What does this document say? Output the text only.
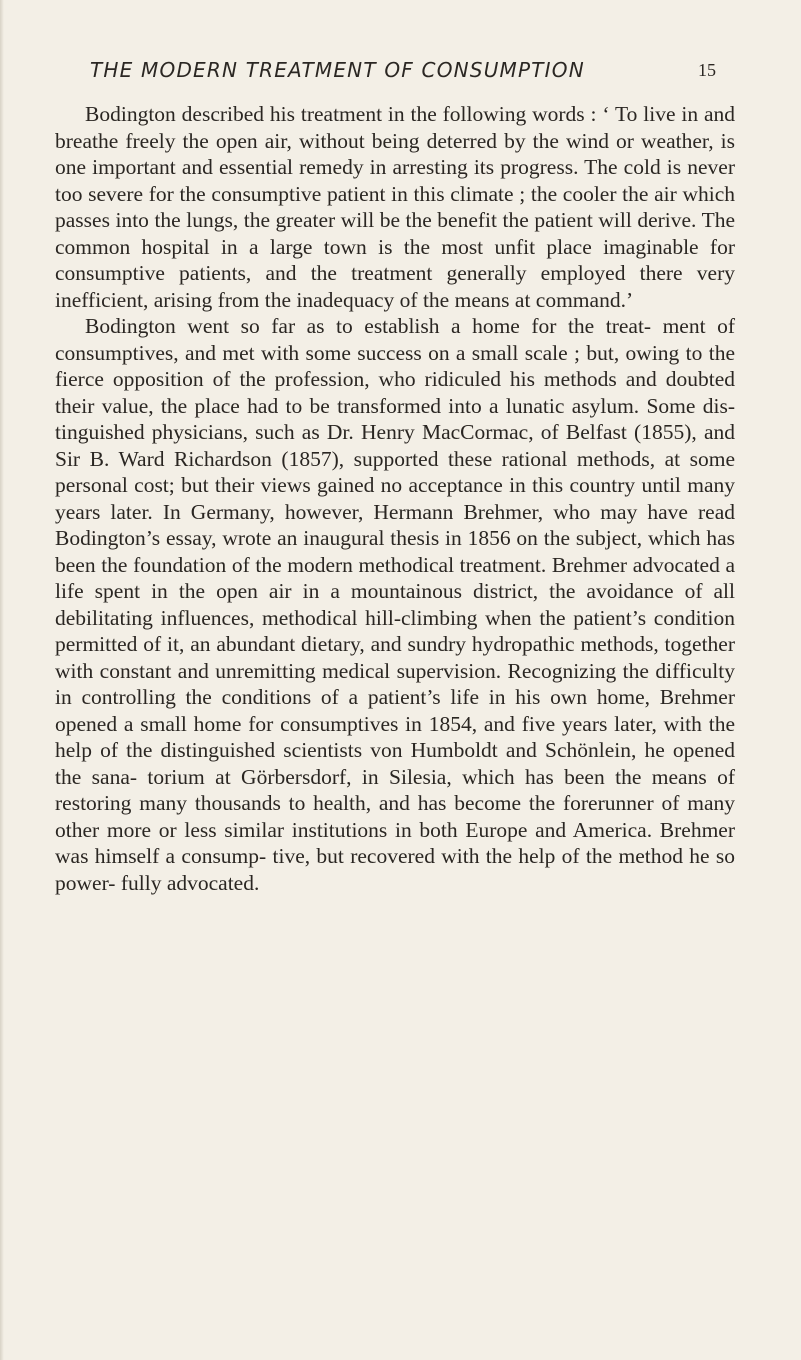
THE MODERN TREATMENT OF CONSUMPTION	15

Bodington described his treatment in the following words : ‘ To live in and breathe freely the open air, without being deterred by the wind or weather, is one important and essential remedy in arresting its progress. The cold is never too severe for the consumptive patient in this climate ; the cooler the air which passes into the lungs, the greater will be the benefit the patient will derive. The common hospital in a large town is the most unfit place imaginable for consumptive patients, and the treatment generally employed there very inefficient, arising from the inadequacy of the means at command.’

Bodington went so far as to establish a home for the treat- ment of consumptives, and met with some success on a small scale ; but, owing to the fierce opposition of the profession, who ridiculed his methods and doubted their value, the place had to be transformed into a lunatic asylum. Some dis- tinguished physicians, such as Dr. Henry MacCormac, of Belfast (1855), and Sir B. Ward Richardson (1857), supported these rational methods, at some personal cost; but their views gained no acceptance in this country until many years later. In Germany, however, Hermann Brehmer, who may have read Bodington’s essay, wrote an inaugural thesis in 1856 on the subject, which has been the foundation of the modern methodical treatment. Brehmer advocated a life spent in the open air in a mountainous district, the avoidance of all debilitating influences, methodical hill-climbing when the patient’s condition permitted of it, an abundant dietary, and sundry hydropathic methods, together with constant and unremitting medical supervision. Recognizing the difficulty in controlling the conditions of a patient’s life in his own home, Brehmer opened a small home for consumptives in 1854, and five years later, with the help of the distinguished scientists von Humboldt and Schönlein, he opened the sana- torium at Görbersdorf, in Silesia, which has been the means of restoring many thousands to health, and has become the forerunner of many other more or less similar institutions in both Europe and America. Brehmer was himself a consump- tive, but recovered with the help of the method he so power- fully advocated.
